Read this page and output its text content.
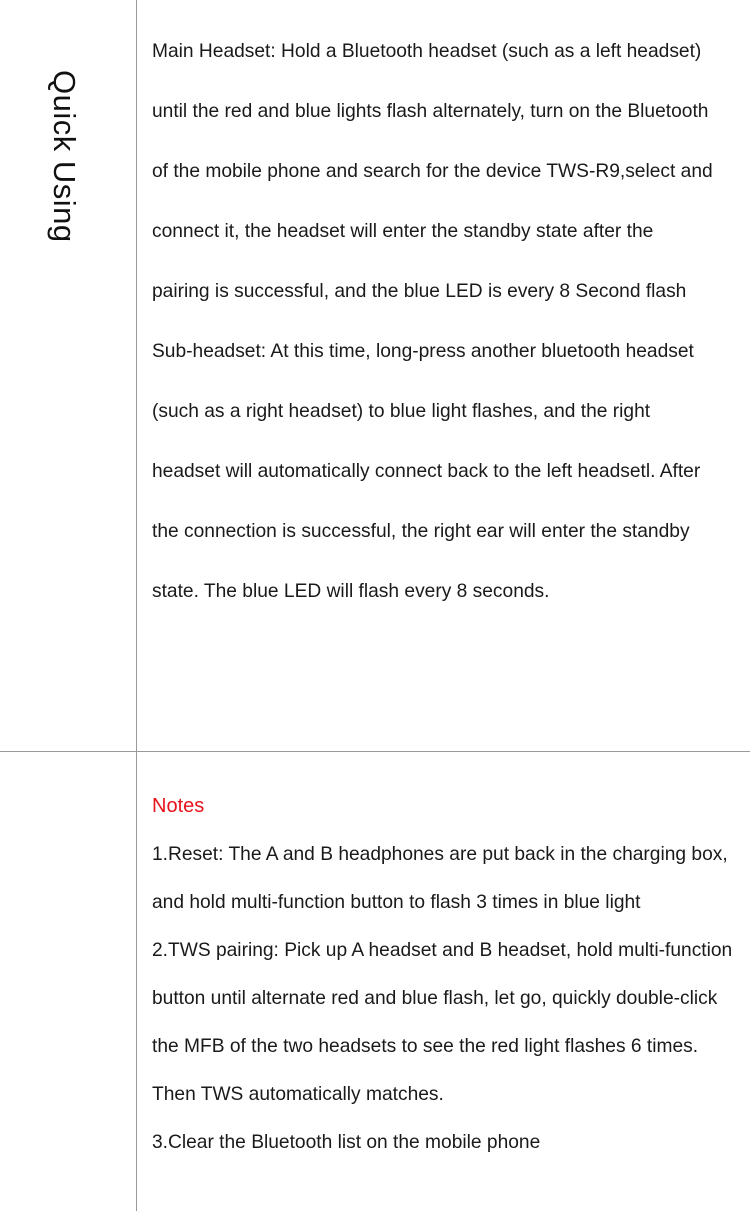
Quick Using
Main Headset: Hold a Bluetooth headset (such as a left headset)
until the red and blue lights flash alternately, turn on the Bluetooth
of the mobile phone and search for the device TWS-R9,select and
connect it, the headset will enter the standby state after the
pairing is successful, and the blue LED is every 8 Second flash
Sub-headset: At this time, long-press another bluetooth headset
(such as a right headset) to blue light flashes, and the right
headset will automatically connect back to the left headsetl. After
the connection is successful, the right ear will enter the standby
state. The blue LED will flash every 8 seconds.
Notes
1.Reset: The A and B headphones are put back in the charging box,
and hold multi-function button to flash 3 times in blue light
2.TWS pairing: Pick up A headset and B headset, hold multi-function
button until alternate red and blue flash, let go, quickly double-click
the MFB of the two headsets to see the red light flashes 6 times.
Then TWS automatically matches.
3.Clear the Bluetooth list on the mobile phone
